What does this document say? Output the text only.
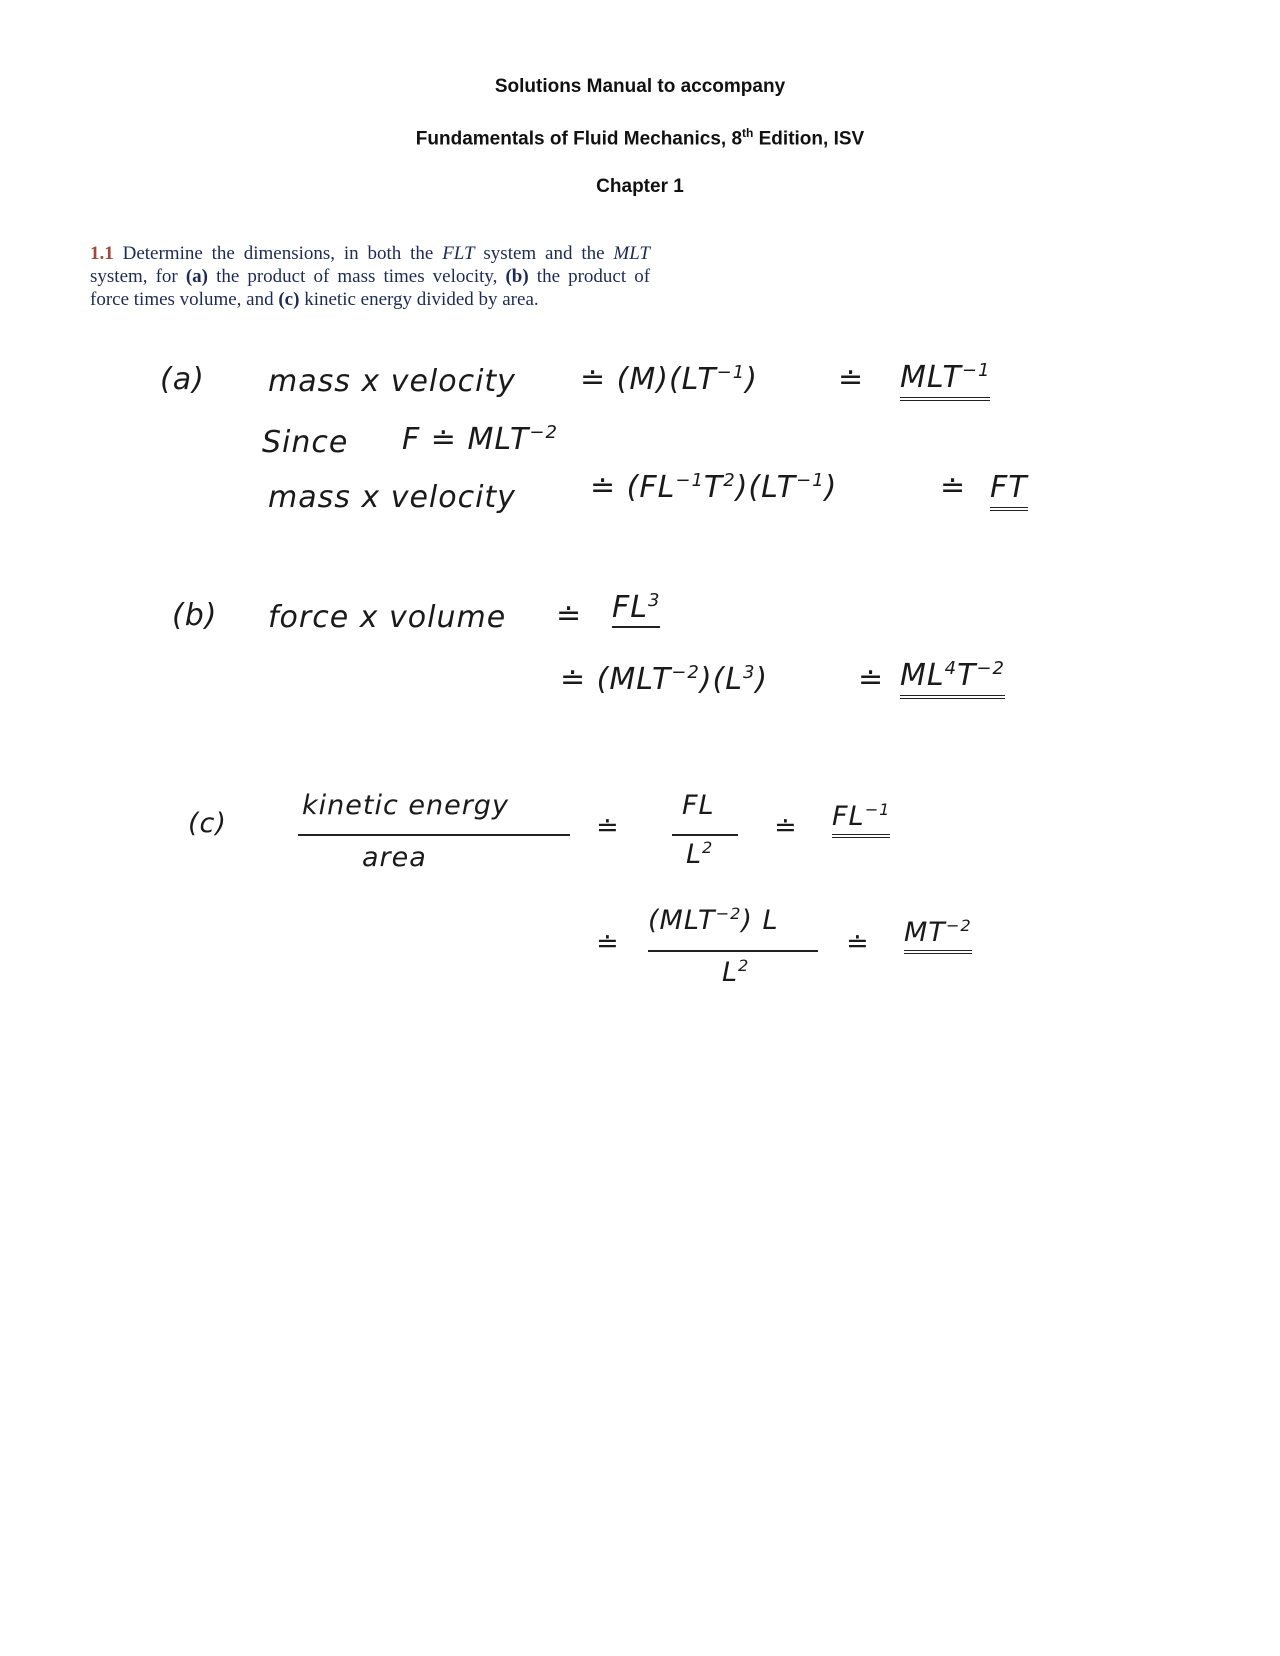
Solutions Manual to accompany
Fundamentals of Fluid Mechanics, 8th Edition, ISV
Chapter 1
1.1 Determine the dimensions, in both the FLT system and the MLT system, for (a) the product of mass times velocity, (b) the product of force times volume, and (c) kinetic energy divided by area.
(a) mass x velocity ≐ $(M)(LT^{-1})$	≐ $MLT^{-1}$
Since F ≐ $MLT^{-2}$
mass x velocity ≐ $(FL^{-1}T^2)(LT^{-1})$	≐ FT
(b) force x volume ≐ $FL^3$
≐ $(MLT^{-2})(L^3)$	≐ $ML^4T^{-2}$
(c)
kinetic energy
area
≐
FL
$L^2$
≐ $FL^{-1}$
≐
$(MLT^{-2})$ L
$L^2$
≐ $MT^{-2}$
